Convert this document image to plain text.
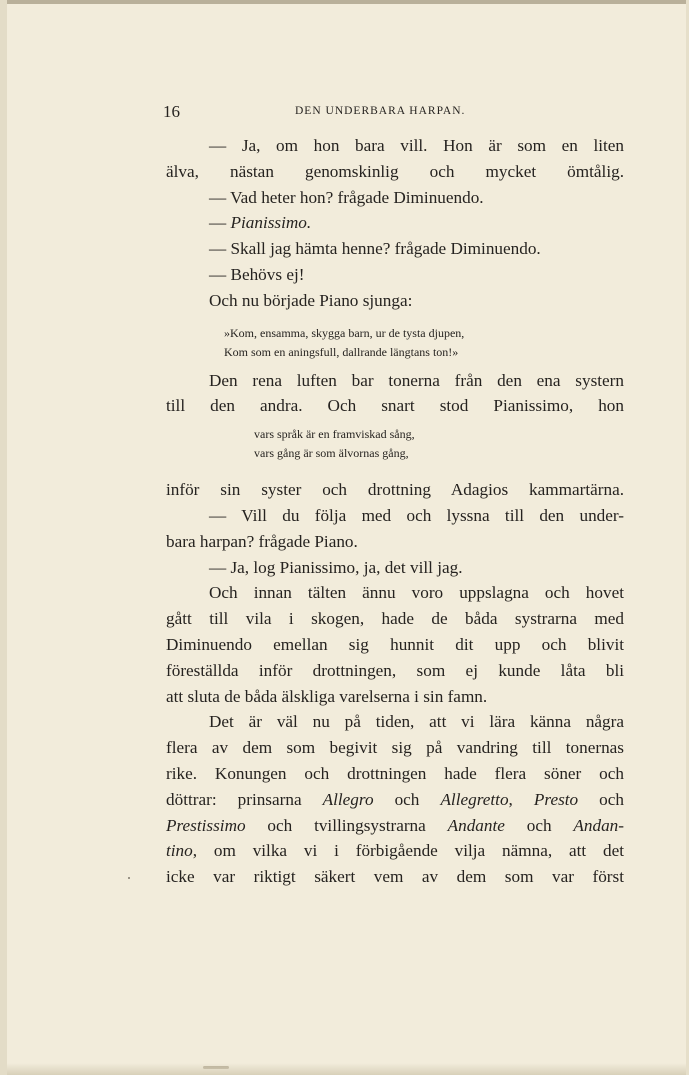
16	DEN UNDERBARA HARPAN.
— Ja, om hon bara vill. Hon är som en liten
älva, nästan genomskinlig och mycket ömtålig.
— Vad heter hon? frågade Diminuendo.
— Pianissimo.
— Skall jag hämta henne? frågade Diminuendo.
— Behövs ej!
Och nu började Piano sjunga:
»Kom, ensamma, skygga barn, ur de tysta djupen,
Kom som en aningsfull, dallrande längtans ton!»
Den rena luften bar tonerna från den ena systern
till den andra. Och snart stod Pianissimo, hon
vars språk är en framviskad sång,
vars gång är som älvornas gång,
inför sin syster och drottning Adagios kammartärna.
— Vill du följa med och lyssna till den under-
bara harpan? frågade Piano.
— Ja, log Pianissimo, ja, det vill jag.
Och innan tälten ännu voro uppslagna och hovet
gått till vila i skogen, hade de båda systrarna med
Diminuendo emellan sig hunnit dit upp och blivit
föreställda inför drottningen, som ej kunde låta bli
att sluta de båda älskliga varelserna i sin famn.
Det är väl nu på tiden, att vi lära känna några
flera av dem som begivit sig på vandring till tonernas
rike. Konungen och drottningen hade flera söner och
döttrar: prinsarna Allegro och Allegretto, Presto och
Prestissimo och tvillingsystrarna Andante och Andan-
tino, om vilka vi i förbigående vilja nämna, att det
icke var riktigt säkert vem av dem som var först
